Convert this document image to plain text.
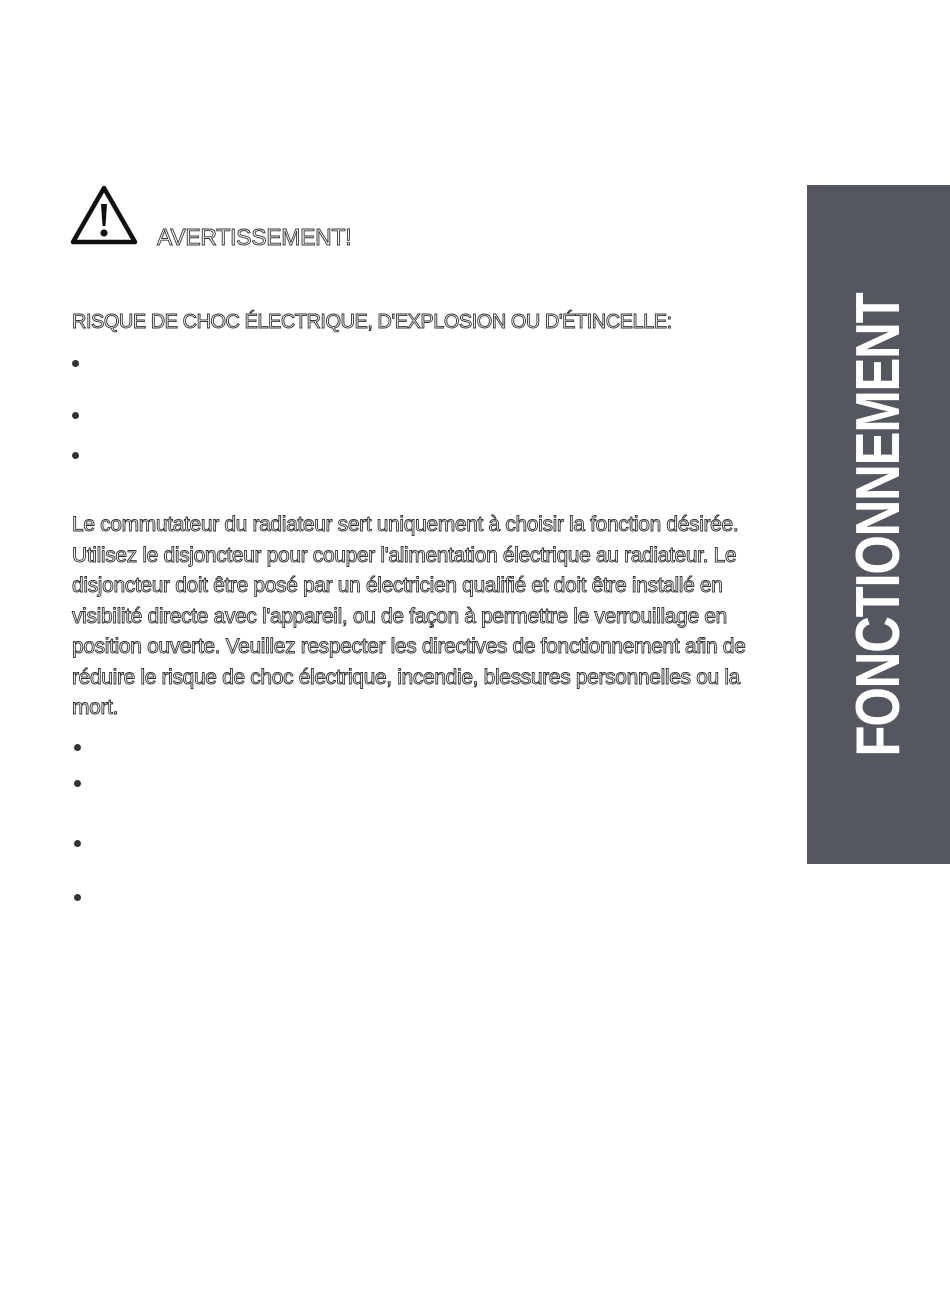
AVERTISSEMENT!
RISQUE DE CHOC ÉLECTRIQUE, D'EXPLOSION OU D'ÉTINCELLE:
Le commutateur du radiateur sert uniquement à choisir la fonction désirée.
Utilisez le disjoncteur pour couper l'alimentation électrique au radiateur. Le
disjoncteur doit être posé par un électricien qualifié et doit être installé en
visibilité directe avec l'appareil, ou de façon à permettre le verrouillage en
position ouverte. Veuillez respecter les directives de fonctionnement afin de
réduire le risque de choc électrique, incendie, blessures personnelles ou la
mort.	FONCTIONNEMENT
